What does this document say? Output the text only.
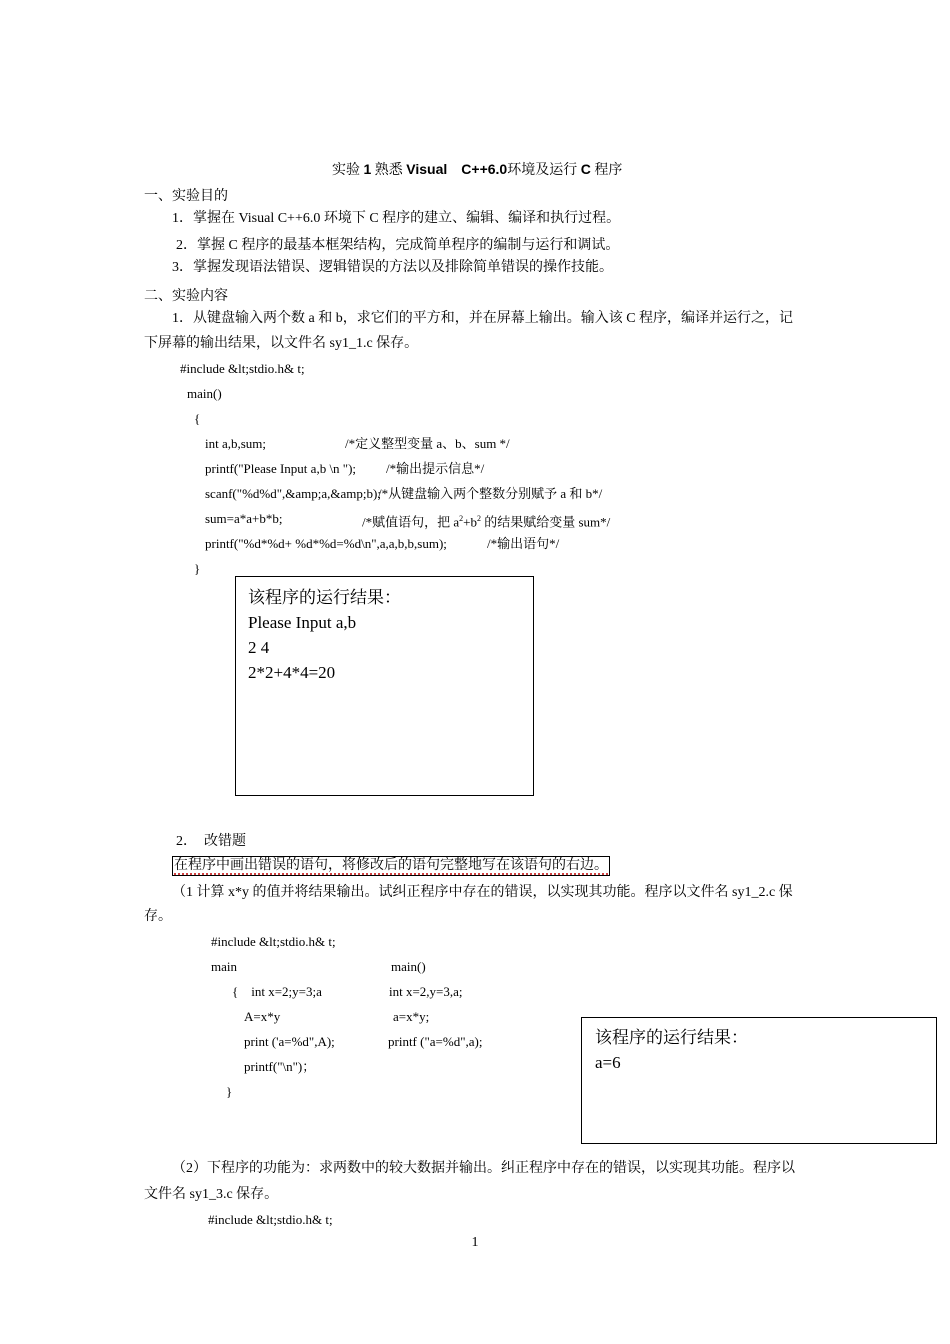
实验 1 熟悉 Visual C++6.0环境及运行 C 程序
一、实验目的
1．掌握在 Visual C++6.0 环境下 C 程序的建立、编辑、编译和执行过程。
2．掌握 C 程序的最基本框架结构，完成简单程序的编制与运行和调试。
3．掌握发现语法错误、逻辑错误的方法以及排除简单错误的操作技能。
二、实验内容
1．从键盘输入两个数 a 和 b，求它们的平方和，并在屏幕上输出。输入该 C 程序，编译并运行之，记
下屏幕的输出结果，以文件名 sy1_1.c 保存。
#include &lt;stdio.h& t;
main()
{
int a,b,sum;	/*定义整型变量 a、b、sum */
printf("Please Input a,b \n "); /*输出提示信息*/
scanf("%d%d",&amp;a,&amp;b);
/*从键盘输入两个整数分别赋予 a 和 b*/
sum=a*a+b*b;	/*赋值语句，把 $a^2+b^2$ 的结果赋给变量 sum*/
printf("%d*%d+ %d*%d=%d\n",a,a,b,b,sum);	/*输出语句*/
}
该程序的运行结果：
Please Input a,b
2 4
2*2+4*4=20
2．  改错题
在程序中画出错误的语句，将修改后的语句完整地写在该语句的右边。
（1 计算 x*y 的值并将结果输出。试纠正程序中存在的错误，以实现其功能。程序以文件名 sy1_2.c 保
存。
#include &lt;stdio.h& t;
main	main()
{    int x=2;y=3;a	int x=2,y=3,a;
A=x*y	a=x*y;
print ('a=%d",A);	printf ("a=%d",a);
printf("\n")；
}
该程序的运行结果：
a=6
（2）下程序的功能为：求两数中的较大数据并输出。纠正程序中存在的错误，以实现其功能。程序以
文件名 sy1_3.c 保存。
#include &lt;stdio.h& t;
1
